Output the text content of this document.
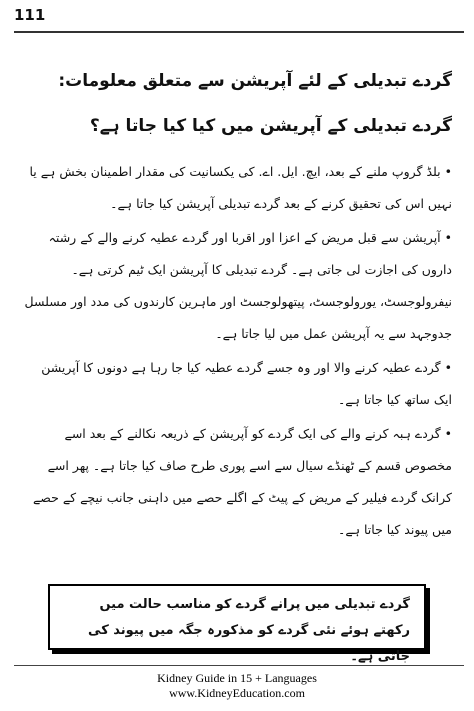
111
گردے تبدیلی کے لئے آپریشن سے متعلق معلومات:
گردے تبدیلی کے آپریشن میں کیا کیا جاتا ہے؟

• بلڈ گروپ ملنے کے بعد، ایچ. ایل. اے. کی یکسانیت کی مقدار اطمینان بخش ہے یا نہیں اس کی تحقیق کرنے کے بعد گردے تبدیلی آپریشن کیا جاتا ہے۔

• آپریشن سے قبل مریض کے اعزا اور اقربا اور گردے عطیہ کرنے والے کے رشتہ داروں کی اجازت لی جاتی ہے۔ گردے تبدیلی کا آپریشن ایک ٹیم کرتی ہے۔ نیفرولوجسٹ، یورولوجسٹ، پیتھولوجسٹ اور ماہرین کارندوں کی مدد اور مسلسل جدوجہد سے یہ آپریشن عمل میں لیا جاتا ہے۔

• گردے عطیہ کرنے والا اور وہ جسے گردے عطیہ کیا جا رہا ہے دونوں کا آپریشن ایک ساتھ کیا جاتا ہے۔

• گردے ہبہ کرنے والے کی ایک گردے کو آپریشن کے ذریعہ نکالنے کے بعد اسے مخصوص قسم کے ٹھنڈے سیال سے اسے پوری طرح صاف کیا جاتا ہے۔ پھر اسے کرانک گردے فیلیر کے مریض کے پیٹ کے اگلے حصے میں داہنی جانب نیچے کے حصے میں پیوند کیا جاتا ہے۔

گردے تبدیلی میں پرانے گردے کو مناسب حالت میں رکھتے ہوئے نئی گردے کو مذکورہ جگہ میں پیوند کی جاتی ہے۔
Kidney Guide in 15 + Languages
www.KidneyEducation.com
